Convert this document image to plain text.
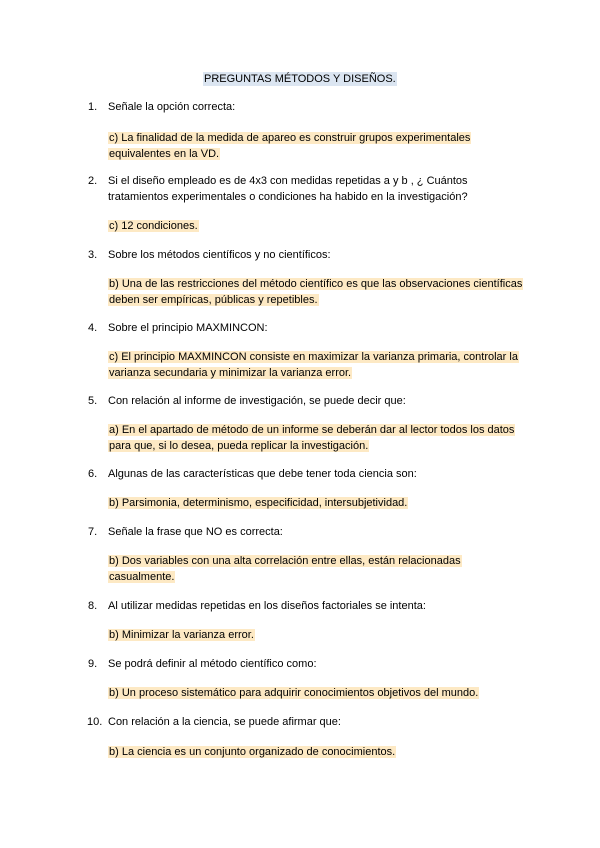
PREGUNTAS MÉTODOS Y DISEÑOS.
1. Señale la opción correcta:
c) La finalidad de la medida de apareo es construir grupos experimentales equivalentes en la VD.
2. Si el diseño empleado es de 4x3 con medidas repetidas a y b , ¿ Cuántos tratamientos experimentales o condiciones ha habido en la investigación?
c) 12 condiciones.
3. Sobre los métodos científicos y no científicos:
b) Una de las restricciones del método científico es que las observaciones científicas deben ser empíricas, públicas y repetibles.
4. Sobre el principio MAXMINCON:
c) El principio MAXMINCON consiste en maximizar la varianza primaria, controlar la varianza secundaria y minimizar la varianza error.
5. Con relación al informe de investigación, se puede decir que:
a) En el apartado de método de un informe se deberán dar al lector todos los datos para que, si lo desea, pueda replicar la investigación.
6. Algunas de las características que debe tener toda ciencia son:
b) Parsimonia, determinismo, especificidad, intersubjetividad.
7. Señale la frase que NO es correcta:
b) Dos variables con una alta correlación entre ellas, están relacionadas casualmente.
8. Al utilizar medidas repetidas en los diseños factoriales se intenta:
b) Minimizar la varianza error.
9. Se podrá definir al método científico como:
b) Un proceso sistemático para adquirir conocimientos objetivos del mundo.
10. Con relación a la ciencia, se puede afirmar que:
b) La ciencia es un conjunto organizado de conocimientos.
